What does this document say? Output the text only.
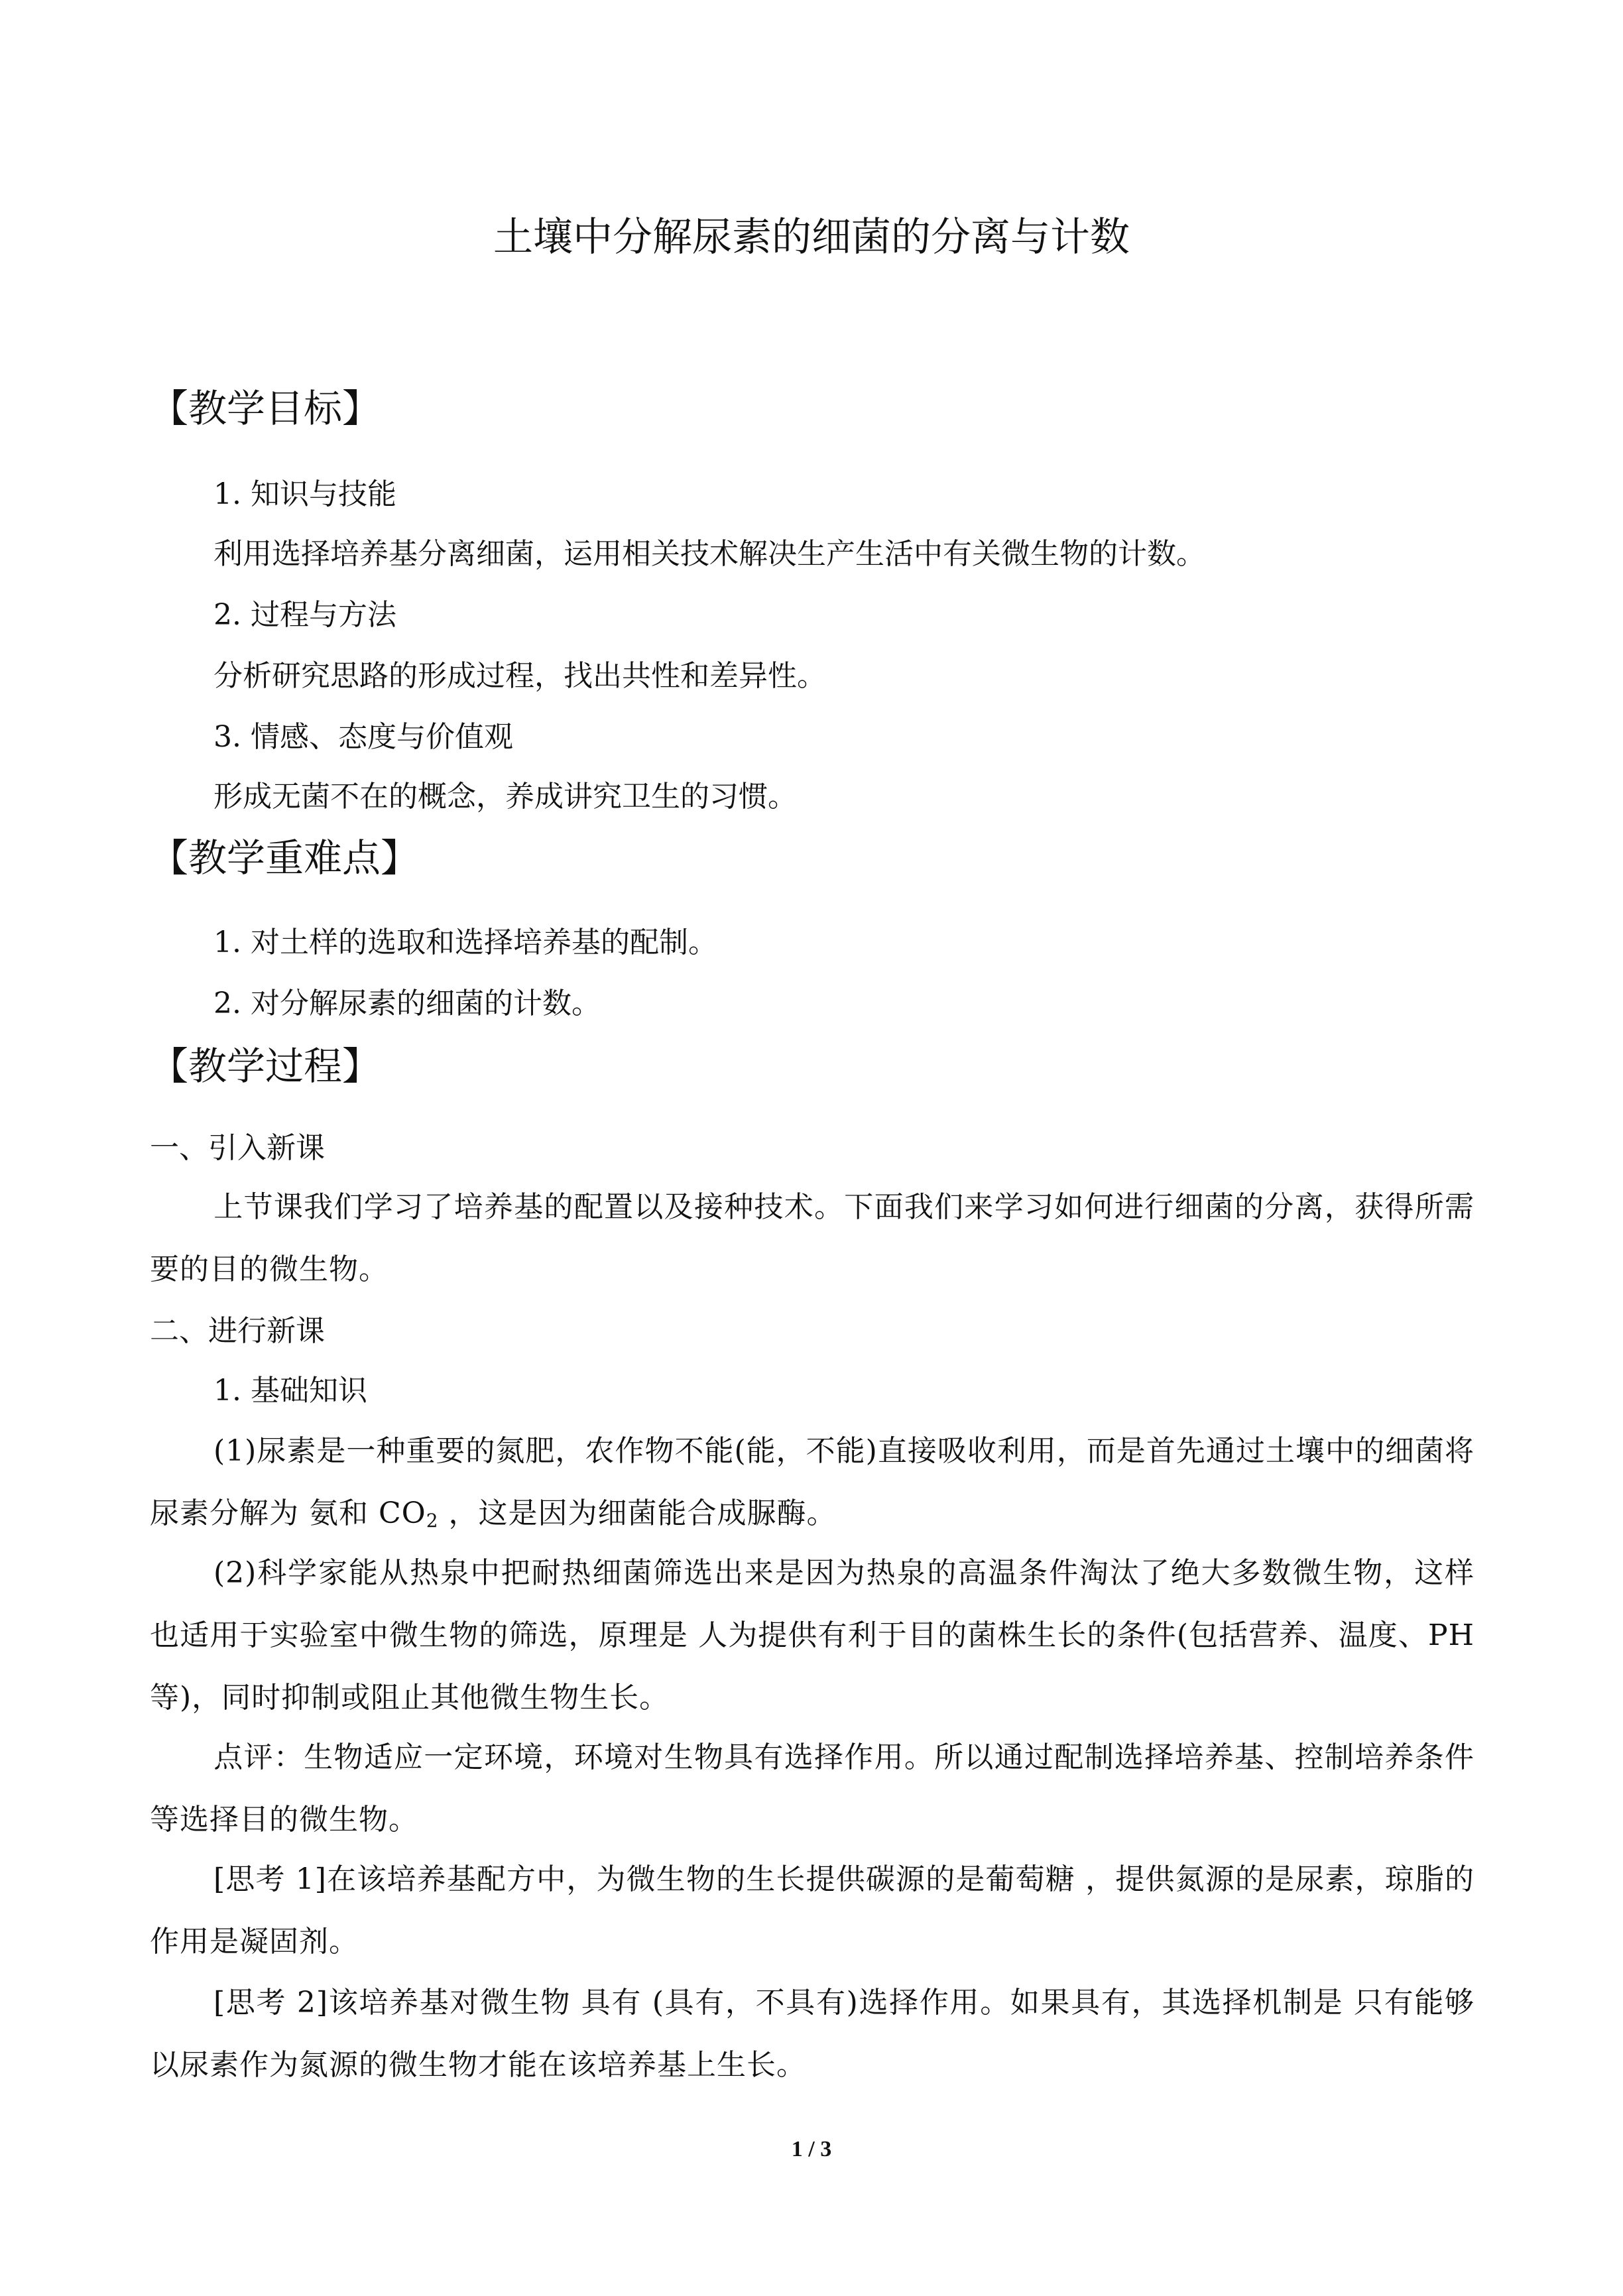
土壤中分解尿素的细菌的分离与计数
【教学目标】
1. 知识与技能
利用选择培养基分离细菌，运用相关技术解决生产生活中有关微生物的计数。
2. 过程与方法
分析研究思路的形成过程，找出共性和差异性。
3. 情感、态度与价值观
形成无菌不在的概念，养成讲究卫生的习惯。
【教学重难点】
1. 对土样的选取和选择培养基的配制。
2. 对分解尿素的细菌的计数。
【教学过程】
一、引入新课
上节课我们学习了培养基的配置以及接种技术。下面我们来学习如何进行细菌的分离，获得所需要的目的微生物。
二、进行新课
1. 基础知识
(1)尿素是一种重要的氮肥，农作物不能(能，不能)直接吸收利用，而是首先通过土壤中的细菌将尿素分解为 氨和 $CO_2$ ，这是因为细菌能合成脲酶。
(2)科学家能从热泉中把耐热细菌筛选出来是因为热泉的高温条件淘汰了绝大多数微生物，这样也适用于实验室中微生物的筛选，原理是 人为提供有利于目的菌株生长的条件(包括营养、温度、PH 等)，同时抑制或阻止其他微生物生长。
点评：生物适应一定环境，环境对生物具有选择作用。所以通过配制选择培养基、控制培养条件等选择目的微生物。
[思考 1]在该培养基配方中，为微生物的生长提供碳源的是葡萄糖 ，提供氮源的是尿素，琼脂的作用是凝固剂。
[思考 2]该培养基对微生物 具有 (具有，不具有)选择作用。如果具有，其选择机制是 只有能够以尿素作为氮源的微生物才能在该培养基上生长。
1 / 3
